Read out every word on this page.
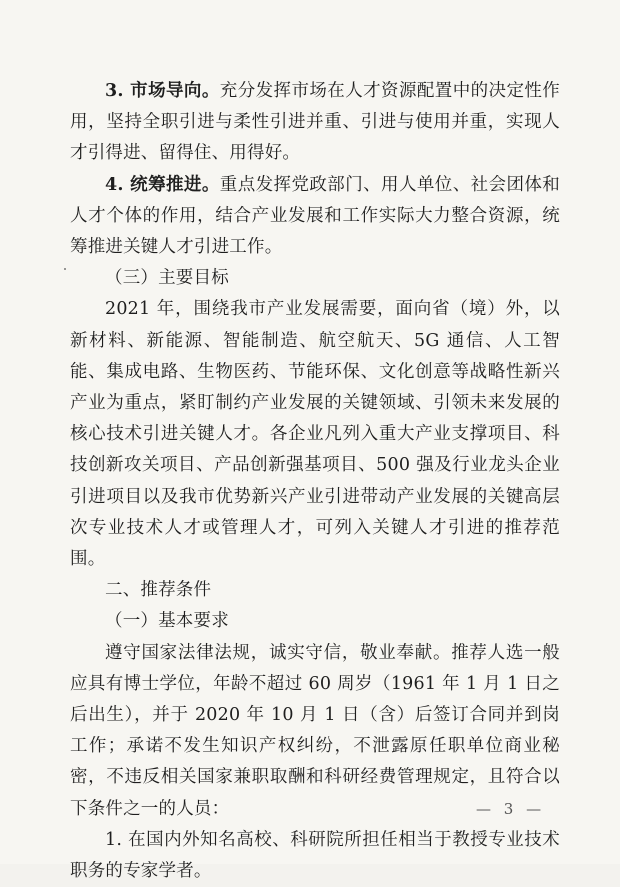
3. 市场导向。充分发挥市场在人才资源配置中的决定性作用，坚持全职引进与柔性引进并重、引进与使用并重，实现人才引得进、留得住、用得好。

4. 统筹推进。重点发挥党政部门、用人单位、社会团体和人才个体的作用，结合产业发展和工作实际大力整合资源，统筹推进关键人才引进工作。

（三）主要目标

2021 年，围绕我市产业发展需要，面向省（境）外，以新材料、新能源、智能制造、航空航天、5G 通信、人工智能、集成电路、生物医药、节能环保、文化创意等战略性新兴产业为重点，紧盯制约产业发展的关键领域、引领未来发展的核心技术引进关键人才。各企业凡列入重大产业支撑项目、科技创新攻关项目、产品创新强基项目、500 强及行业龙头企业引进项目以及我市优势新兴产业引进带动产业发展的关键高层次专业技术人才或管理人才，可列入关键人才引进的推荐范围。

二、推荐条件

（一）基本要求

遵守国家法律法规，诚实守信，敬业奉献。推荐人选一般应具有博士学位，年龄不超过 60 周岁（1961 年 1 月 1 日之后出生），并于 2020 年 10 月 1 日（含）后签订合同并到岗工作；承诺不发生知识产权纠纷，不泄露原任职单位商业秘密，不违反相关国家兼职取酬和科研经费管理规定，且符合以下条件之一的人员：

1. 在国内外知名高校、科研院所担任相当于教授专业技术职务的专家学者。

— 3 —
